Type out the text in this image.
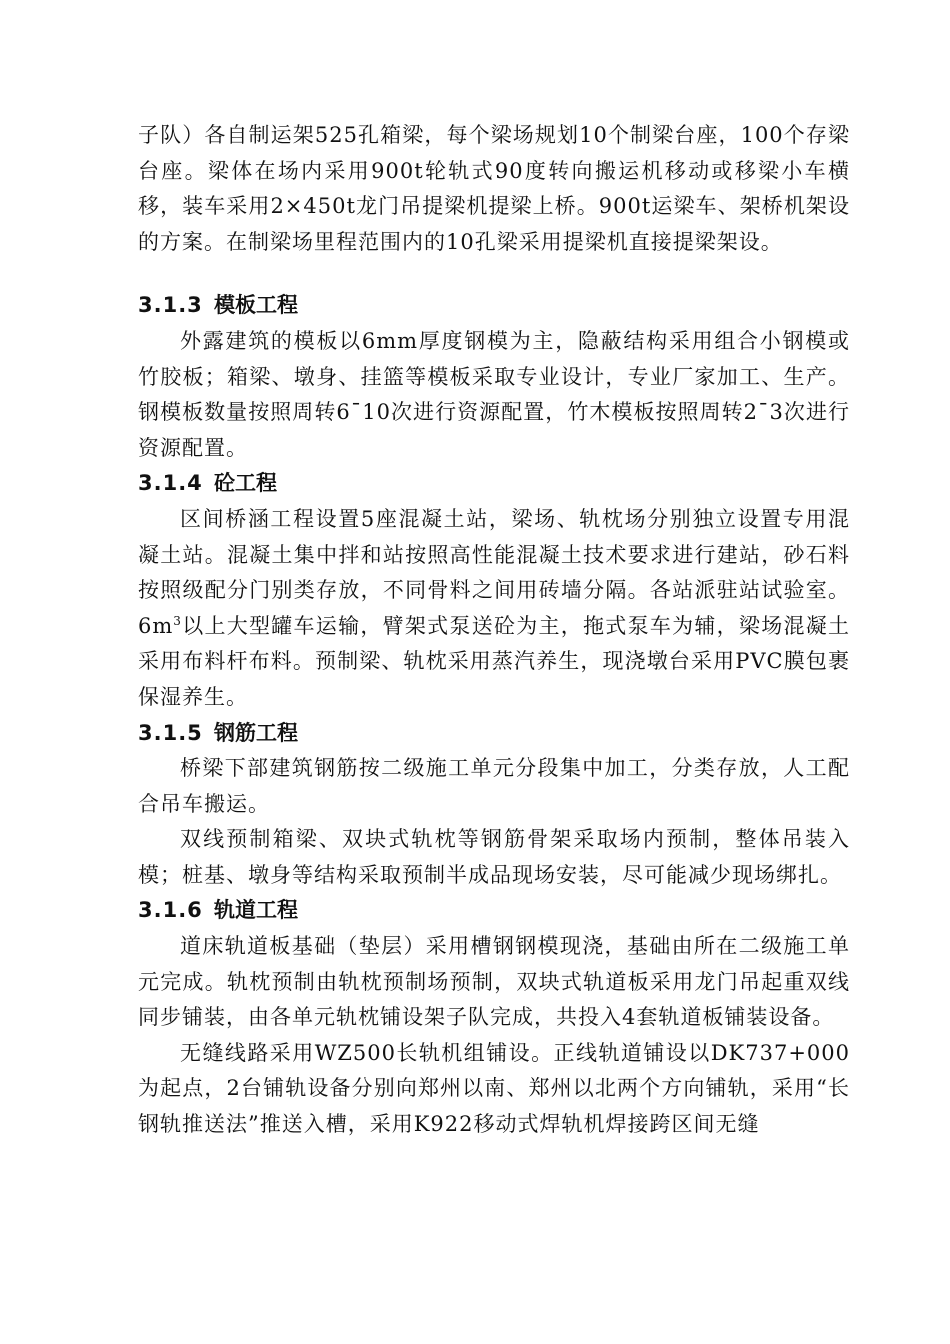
子队）各自制运架525孔箱梁，每个梁场规划10个制梁台座，100个存梁台座。梁体在场内采用900t轮轨式90度转向搬运机移动或移梁小车横移，装车采用2×450t龙门吊提梁机提梁上桥。900t运梁车、架桥机架设的方案。在制梁场里程范围内的10孔梁采用提梁机直接提梁架设。

3.1.3 模板工程

外露建筑的模板以6mm厚度钢模为主，隐蔽结构采用组合小钢模或竹胶板；箱梁、墩身、挂篮等模板采取专业设计，专业厂家加工、生产。钢模板数量按照周转6¯10次进行资源配置，竹木模板按照周转2¯3次进行资源配置。

3.1.4 砼工程

区间桥涵工程设置5座混凝土站，梁场、轨枕场分别独立设置专用混凝土站。混凝土集中拌和站按照高性能混凝土技术要求进行建站，砂石料按照级配分门别类存放，不同骨料之间用砖墙分隔。各站派驻站试验室。$6m^3$以上大型罐车运输，臂架式泵送砼为主，拖式泵车为辅，梁场混凝土采用布料杆布料。预制梁、轨枕采用蒸汽养生，现浇墩台采用PVC膜包裹保湿养生。

3.1.5 钢筋工程

桥梁下部建筑钢筋按二级施工单元分段集中加工，分类存放，人工配合吊车搬运。

双线预制箱梁、双块式轨枕等钢筋骨架采取场内预制，整体吊装入模；桩基、墩身等结构采取预制半成品现场安装，尽可能减少现场绑扎。

3.1.6 轨道工程

道床轨道板基础（垫层）采用槽钢钢模现浇，基础由所在二级施工单元完成。轨枕预制由轨枕预制场预制，双块式轨道板采用龙门吊起重双线同步铺装，由各单元轨枕铺设架子队完成，共投入4套轨道板铺装设备。

无缝线路采用WZ500长轨机组铺设。正线轨道铺设以DK737+000为起点，2台铺轨设备分别向郑州以南、郑州以北两个方向铺轨，采用“长钢轨推送法”推送入槽，采用K922移动式焊轨机焊接跨区间无缝
